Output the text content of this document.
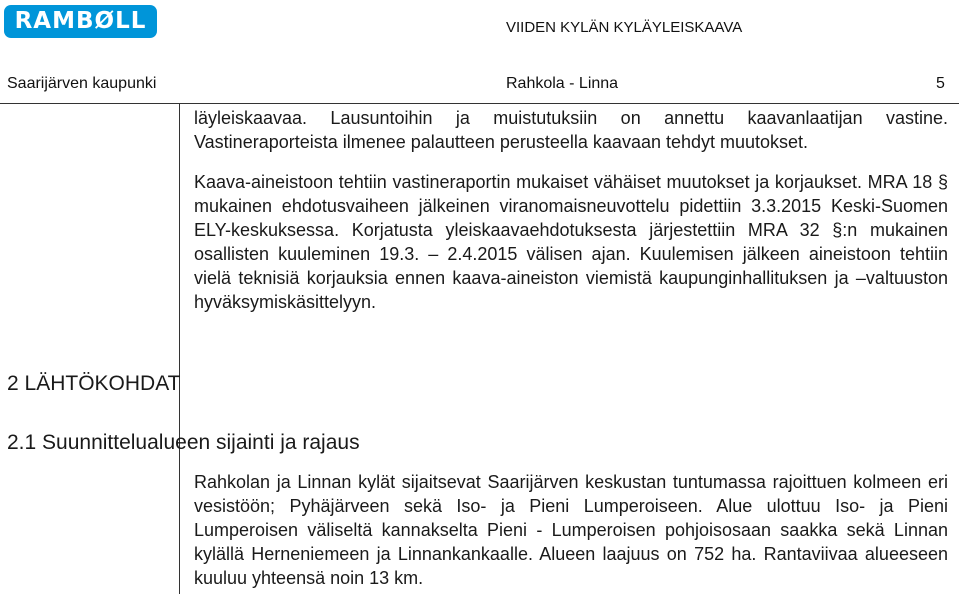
RAMBØLL	VIIDEN KYLÄN KYLÄYLEISKAAVA
Saarijärven kaupunki	Rahkola - Linna	5

läyleiskaavaa. Lausuntoihin ja muistutuksiin on annettu kaavanlaatijan vastine. Vastineraporteista ilmenee palautteen perusteella kaavaan tehdyt muutokset.

Kaava-aineistoon tehtiin vastineraportin mukaiset vähäiset muutokset ja korjaukset. MRA 18 § mukainen ehdotusvaiheen jälkeinen viranomaisneuvottelu pidettiin 3.3.2015 Keski-Suomen ELY-keskuksessa. Korjatusta yleiskaavaehdotuksesta järjestettiin MRA 32 §:n mukainen osallisten kuuleminen 19.3. – 2.4.2015 välisen ajan. Kuulemisen jälkeen aineistoon tehtiin vielä teknisiä korjauksia ennen kaava-aineiston viemistä kaupunginhallituksen ja –valtuuston hyväksymiskäsittelyyn.

2 LÄHTÖKOHDAT
2.1 Suunnittelualueen sijainti ja rajaus

Rahkolan ja Linnan kylät sijaitsevat Saarijärven keskustan tuntumassa rajoittuen kolmeen eri vesistöön; Pyhäjärveen sekä Iso- ja Pieni Lumperoiseen. Alue ulottuu Iso- ja Pieni Lumperoisen väliseltä kannakselta Pieni - Lumperoisen pohjoisosaan saakka sekä Linnan kylällä Herneniemeen ja Linnankankaalle. Alueen laajuus on 752 ha. Rantaviivaa alueeseen kuuluu yhteensä noin 13 km.
